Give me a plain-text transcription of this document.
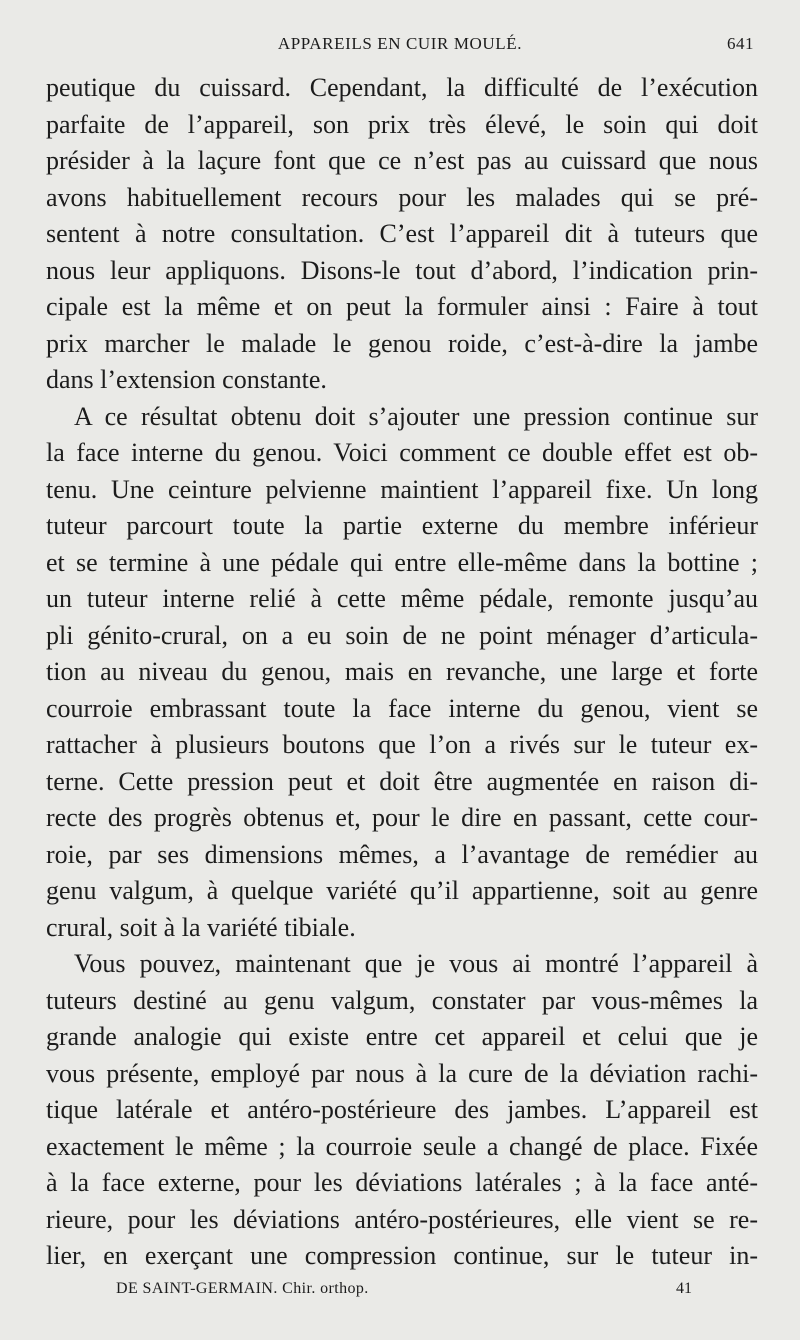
APPAREILS EN CUIR MOULÉ.	641
peutique du cuissard. Cependant, la difficulté de l’exécution
parfaite de l’appareil, son prix très élevé, le soin qui doit
présider à la laçure font que ce n’est pas au cuissard que nous
avons habituellement recours pour les malades qui se pré-
sentent à notre consultation. C’est l’appareil dit à tuteurs que
nous leur appliquons. Disons-le tout d’abord, l’indication prin-
cipale est la même et on peut la formuler ainsi : Faire à tout
prix marcher le malade le genou roide, c’est-à-dire la jambe
dans l’extension constante.
A ce résultat obtenu doit s’ajouter une pression continue sur
la face interne du genou. Voici comment ce double effet est ob-
tenu. Une ceinture pelvienne maintient l’appareil fixe. Un long
tuteur parcourt toute la partie externe du membre inférieur
et se termine à une pédale qui entre elle-même dans la bottine ;
un tuteur interne relié à cette même pédale, remonte jusqu’au
pli génito-crural, on a eu soin de ne point ménager d’articula-
tion au niveau du genou, mais en revanche, une large et forte
courroie embrassant toute la face interne du genou, vient se
rattacher à plusieurs boutons que l’on a rivés sur le tuteur ex-
terne. Cette pression peut et doit être augmentée en raison di-
recte des progrès obtenus et, pour le dire en passant, cette cour-
roie, par ses dimensions mêmes, a l’avantage de remédier au
genu valgum, à quelque variété qu’il appartienne, soit au genre
crural, soit à la variété tibiale.
Vous pouvez, maintenant que je vous ai montré l’appareil à
tuteurs destiné au genu valgum, constater par vous-mêmes la
grande analogie qui existe entre cet appareil et celui que je
vous présente, employé par nous à la cure de la déviation rachi-
tique latérale et antéro-postérieure des jambes. L’appareil est
exactement le même ; la courroie seule a changé de place. Fixée
à la face externe, pour les déviations latérales ; à la face anté-
rieure, pour les déviations antéro-postérieures, elle vient se re-
lier, en exerçant une compression continue, sur le tuteur in-
DE SAINT-GERMAIN. Chir. orthop.	41
